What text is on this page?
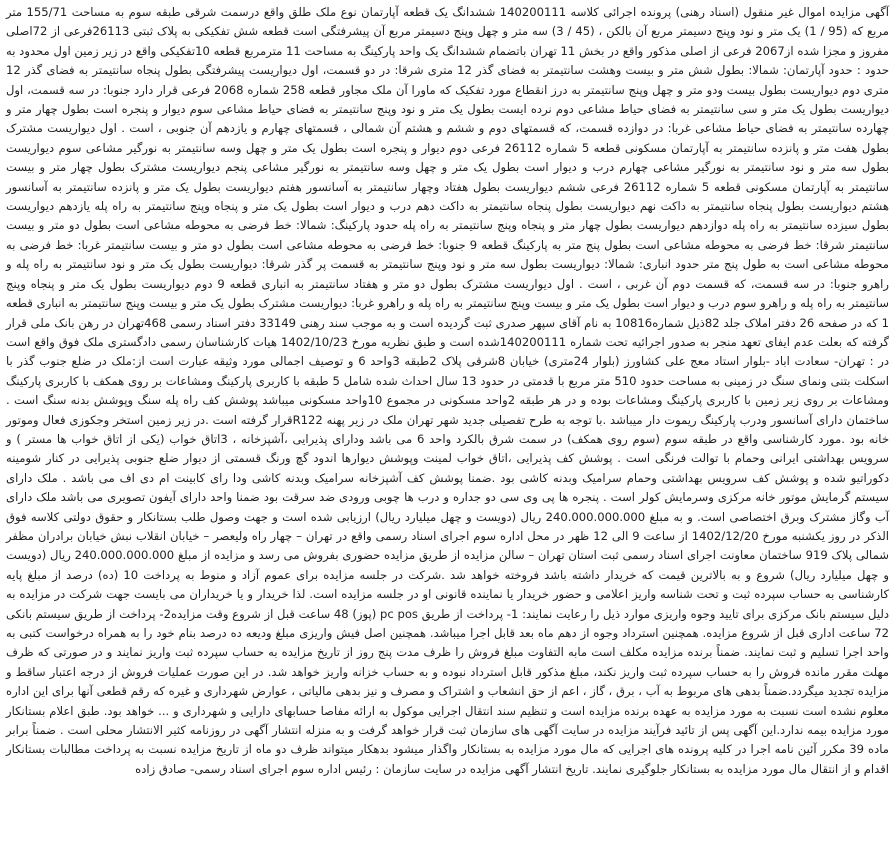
آگهی مزایده اموال غیر منقول (اسناد رهنی) پرونده اجرائی کلاسه 140200111 ششدانگ یک قطعه آپارتمان نوع ملک طلق واقع درسمت شرقی طبقه سوم به مساحت 155/71 متر مربع که (95 / 1) یک متر و نود وپنج دسیمتر مربع آن بالکن ، (45 / 3) سه متر و چهل وپنج دسیمتر مربع آن پیشرفتگی است قطعه شش تفکیکی به پلاک ثبتی 26113فرعی از 72اصلی مفروز و مجزا شده از2067 فرعی از اصلی مذکور واقع در بخش 11 تهران باتضمام ششدانگ یک واحد پارکینگ به مساحت 11 مترمربع قطعه 10تفکیکی واقع در زیر زمین اول محدود به حدود : حدود آپارتمان: شمالا: بطول شش متر و بیست وهشت سانتیمتر به فضای گذر 12 متری شرقا: در دو قسمت، اول دیواریست پیشرفتگی بطول پنجاه سانتیمتر به فضای گذر 12 متری دوم دیواریست بطول بیست ودو متر و چهل وپنج سانتیمتر به درز انقطاع مورد تفکیک که ماورا آن ملک مجاور قطعه 258 شماره 2068 فرعی قرار دارد جنوبا: در سه قسمت، اول دیواریست بطول یک متر و سی سانتیمتر به فضای حیاط مشاعی دوم نرده ایست بطول یک متر و نود وپنج سانتیمتر به فضای حیاط مشاعی سوم دیوار و پنجره است بطول چهار متر و چهارده سانتیمتر به فضای حیاط مشاعی غربا: در دوازده قسمت، که قسمتهای دوم و ششم و هشتم آن شمالی ، قسمتهای چهارم و یازدهم آن جنوبی ، است . اول دیواریست مشترک بطول هفت متر و پانزده سانتیمتر به آپارتمان مسکونی قطعه 5 شماره 26112 فرعی دوم دیوار و پنجره است بطول یک متر و چهل وسه سانتیمتر به نورگیر مشاعی سوم دیواریست بطول سه متر و نود سانتیمتر به نورگیر مشاعی چهارم درب و دیوار است بطول یک متر و چهل وسه سانتیمتر به نورگیر مشاعی پنجم دیواریست مشترک بطول چهار متر و بیست سانتیمتر به آپارتمان مسکونی قطعه 5 شماره 26112 فرعی ششم دیواریست بطول هفتاد وچهار سانتیمتر به آسانسور هفتم دیواریست بطول یک متر و پانزده سانتیمتر به آسانسور هشتم دیواریست بطول پنجاه سانتیمتر به داکت نهم دیواریست بطول پنجاه سانتیمتر به داکت دهم درب و دیوار است بطول یک متر و پنجاه وپنج سانتیمتر به راه پله یازدهم دیواریست بطول سیزده سانتیمتر به راه پله دوازدهم دیواریست بطول چهار متر و پنجاه وپنج سانتیمتر به راه پله حدود پارکینگ: شمالا: خط فرضی به محوطه مشاعی است بطول دو متر و بیست سانتیمتر شرقا: خط فرضی به محوطه مشاعی است بطول پنج متر به پارکینگ قطعه 9 جنوبا: خط فرضی به محوطه مشاعی است بطول دو متر و بیست سانتیمتر غربا: خط فرضی به محوطه مشاعی است به طول پنج متر حدود انباری: شمالا: دیواریست بطول سه متر و نود وپنج سانتیمتر به قسمت پر گذر شرقا: دیواریست بطول یک متر و نود سانتیمتر به راه پله و راهرو جنوبا: در سه قسمت، که قسمت دوم آن غربی ، است . اول دیواریست مشترک بطول دو متر و هفتاد سانتیمتر به انباری قطعه 9 دوم دیواریست بطول یک متر و پنجاه وپنج سانتیمتر به راه پله و راهرو سوم درب و دیوار است بطول یک متر و بیست وپنج سانتیمتر به راه پله و راهرو غربا: دیواریست مشترک بطول یک متر و بیست وپنج سانتیمتر به انباری قطعه 1 که در صفحه 26 دفتر املاک جلد 82ذیل شماره10816 به نام آقای سپهر صدری ثبت گردیده است و به موجب سند رهنی 33149 دفتر اسناد رسمی 468تهران در رهن بانک ملی قرار گرفته که بعلت عدم ایفای تعهد منجر به صدور اجرائیه تحت شماره 140200111شده است و طبق نظریه مورخ 1402/10/23 هیات کارشناسان رسمی دادگستری ملک فوق واقع است در : تهران- سعادت اباد -بلوار استاد معج علی کشاورز (بلوار 24متری) خیابان 8شرقی پلاک 2طبقه 3واحد 6 و توصیف اجمالی مورد وثیقه عبارت است از:ملک در ضلع جنوب گذر با اسکلت بتنی ونمای سنگ در زمینی به مساحت حدود 510 متر مربع با قدمتی در حدود 13 سال احداث شده شامل 5 طبقه با کاربری پارکینگ ومشاعات بر روی همکف با کاربری پارکینگ ومشاعات بر روی زیر زمین با کاربری پارکینگ ومشاعات بوده و در هر طبقه 2واحد مسکونی در مجموع 10واحد مسکونی میباشد پوشش کف راه پله سنگ وپوشش بدنه سنگ است . ساختمان دارای آسانسور ودرب پارکینگ ریموت دار میباشد .با توجه به طرح تفصیلی جدید شهر تهران ملک در زیر پهنه R122قرار گرفته است .در زیر زمین استخر وجکوزی فعال وموتور خانه بود .مورد کارشناسی واقع در طبقه سوم (سوم روی همکف) در سمت شرق بالکرد واحد 6 می باشد ودارای پذیرایی ،آشپزخانه ، 3اتاق خواب (یکی از اتاق خواب ها مستر ) و سرویس بهداشتی ایرانی وحمام با توالت فرنگی است . پوشش کف پذیرایی ،اتاق خواب لمینت وپوشش دیوارها اندود گچ ورنگ قسمتی از دیوار ضلع جنوبی پذیرایی در کنار شومینه دکوراتیو شده و پوشش کف سرویس بهداشتی وحمام سرامیک وبدنه کاشی بود .ضمنا پوشش کف آشپزخانه سرامیک وبدنه کاشی ودا رای کابینت ام دی اف می باشد . ملک دارای سیستم گرمایش موتور خانه مرکزی وسرمایش کولر است . پنجره ها پی وی سی دو جداره و درب ها چوبی ورودی ضد سرقت بود ضمنا واحد دارای آیفون تصویری می باشد ملک دارای آب وگاز مشترک وبرق اختصاصی است. و به مبلغ 240.000.000.000 ریال (دویست و چهل میلیارد ریال) ارزیابی شده است و جهت وصول طلب بستانکار و حقوق دولتی کلاسه فوق الذکر در روز یکشنبه مورخ 1402/12/20 از ساعت 9 الی 12 ظهر در محل اداره سوم اجرای اسناد رسمی واقع در تهران – چهار راه ولیعصر – خیابان انقلاب نبش خیابان برادران مظفر شمالی پلاک 919 ساختمان معاونت اجرای اسناد رسمی ثبت استان تهران – سالن مزایده از طریق مزایده حضوری بفروش می رسد و مزایده از مبلغ 240.000.000.000 ریال (دویست و چهل میلیارد ریال) شروع و به بالاترین قیمت که خریدار داشته باشد فروخته خواهد شد .شرکت در جلسه مزایده برای عموم آزاد و منوط به پرداخت 10 (ده) درصد از مبلغ پایه کارشناسی به حساب سپرده ثبت و تحت شناسه واریز اعلامی و حضور خریدار یا نماینده قانونی او در جلسه مزایده است. لذا خریدار و یا خریداران می بایست جهت شرکت در مزایده به دلیل سیستم بانک مرکزی برای تایید وجوه واریزی موارد ذیل را رعایت نمایند: 1- پرداخت از طریق pc pos (پوز) 48 ساعت قبل از شروع وقت مزایده2- پرداخت از طریق سیستم بانکی 72 ساعت اداری قبل از شروع مزایده. همچنین استرداد وجوه از دهم ماه بعد قابل اجرا میباشد. همچنین اصل فیش واریزی مبلغ ودیعه ده درصد بنام خود را به همراه درخواست کتبی به واحد اجرا تسلیم و ثبت نمایند. ضمناً برنده مزایده مکلف است مابه التفاوت مبلغ فروش را ظرف مدت پنج روز از تاریخ مزایده به حساب سپرده ثبت واریز نمایند و در صورتی که ظرف مهلت مقرر مانده فروش را به حساب سپرده ثبت واریز نکند، مبلغ مذکور قابل استرداد نبوده و به حساب خزانه واریز خواهد شد. در این صورت عملیات فروش از درجه اعتبار ساقط و مزایده تجدید میگردد.ضمناً بدهی های مربوط به آب ، برق ، گاز ، اعم از حق انشعاب و اشتراک و مصرف و نیز بدهی مالیاتی ، عوارض شهرداری و غیره که رقم قطعی آنها برای این اداره معلوم نشده است نسبت به مورد مزایده به عهده برنده مزایده است و تنظیم سند انتقال اجرایی موکول به ارائه مفاصا حسابهای دارایی و شهرداری و ... خواهد بود. طبق اعلام بستانکار مورد مزایده بیمه ندارد.این آگهی پس از تائید فرآیند مزایده در سایت آگهی های سازمان ثبت قرار خواهد گرفت و به منزله انتشار آگهی در روزنامه کثیر الانتشار محلی است . ضمناً برابر ماده 39 مکرر آئین نامه اجرا در کلیه پرونده های اجرایی که مال مورد مزایده به بستانکار واگذار میشود بدهکار میتواند ظرف دو ماه از تاریخ مزایده نسبت به پرداخت مطالبات بستانکار اقدام و از انتقال مال مورد مزایده به بستانکار جلوگیری نمایند. تاریخ انتشار آگهی مزایده در سایت سازمان : رئیس اداره سوم اجرای اسناد رسمی- صادق زاده
